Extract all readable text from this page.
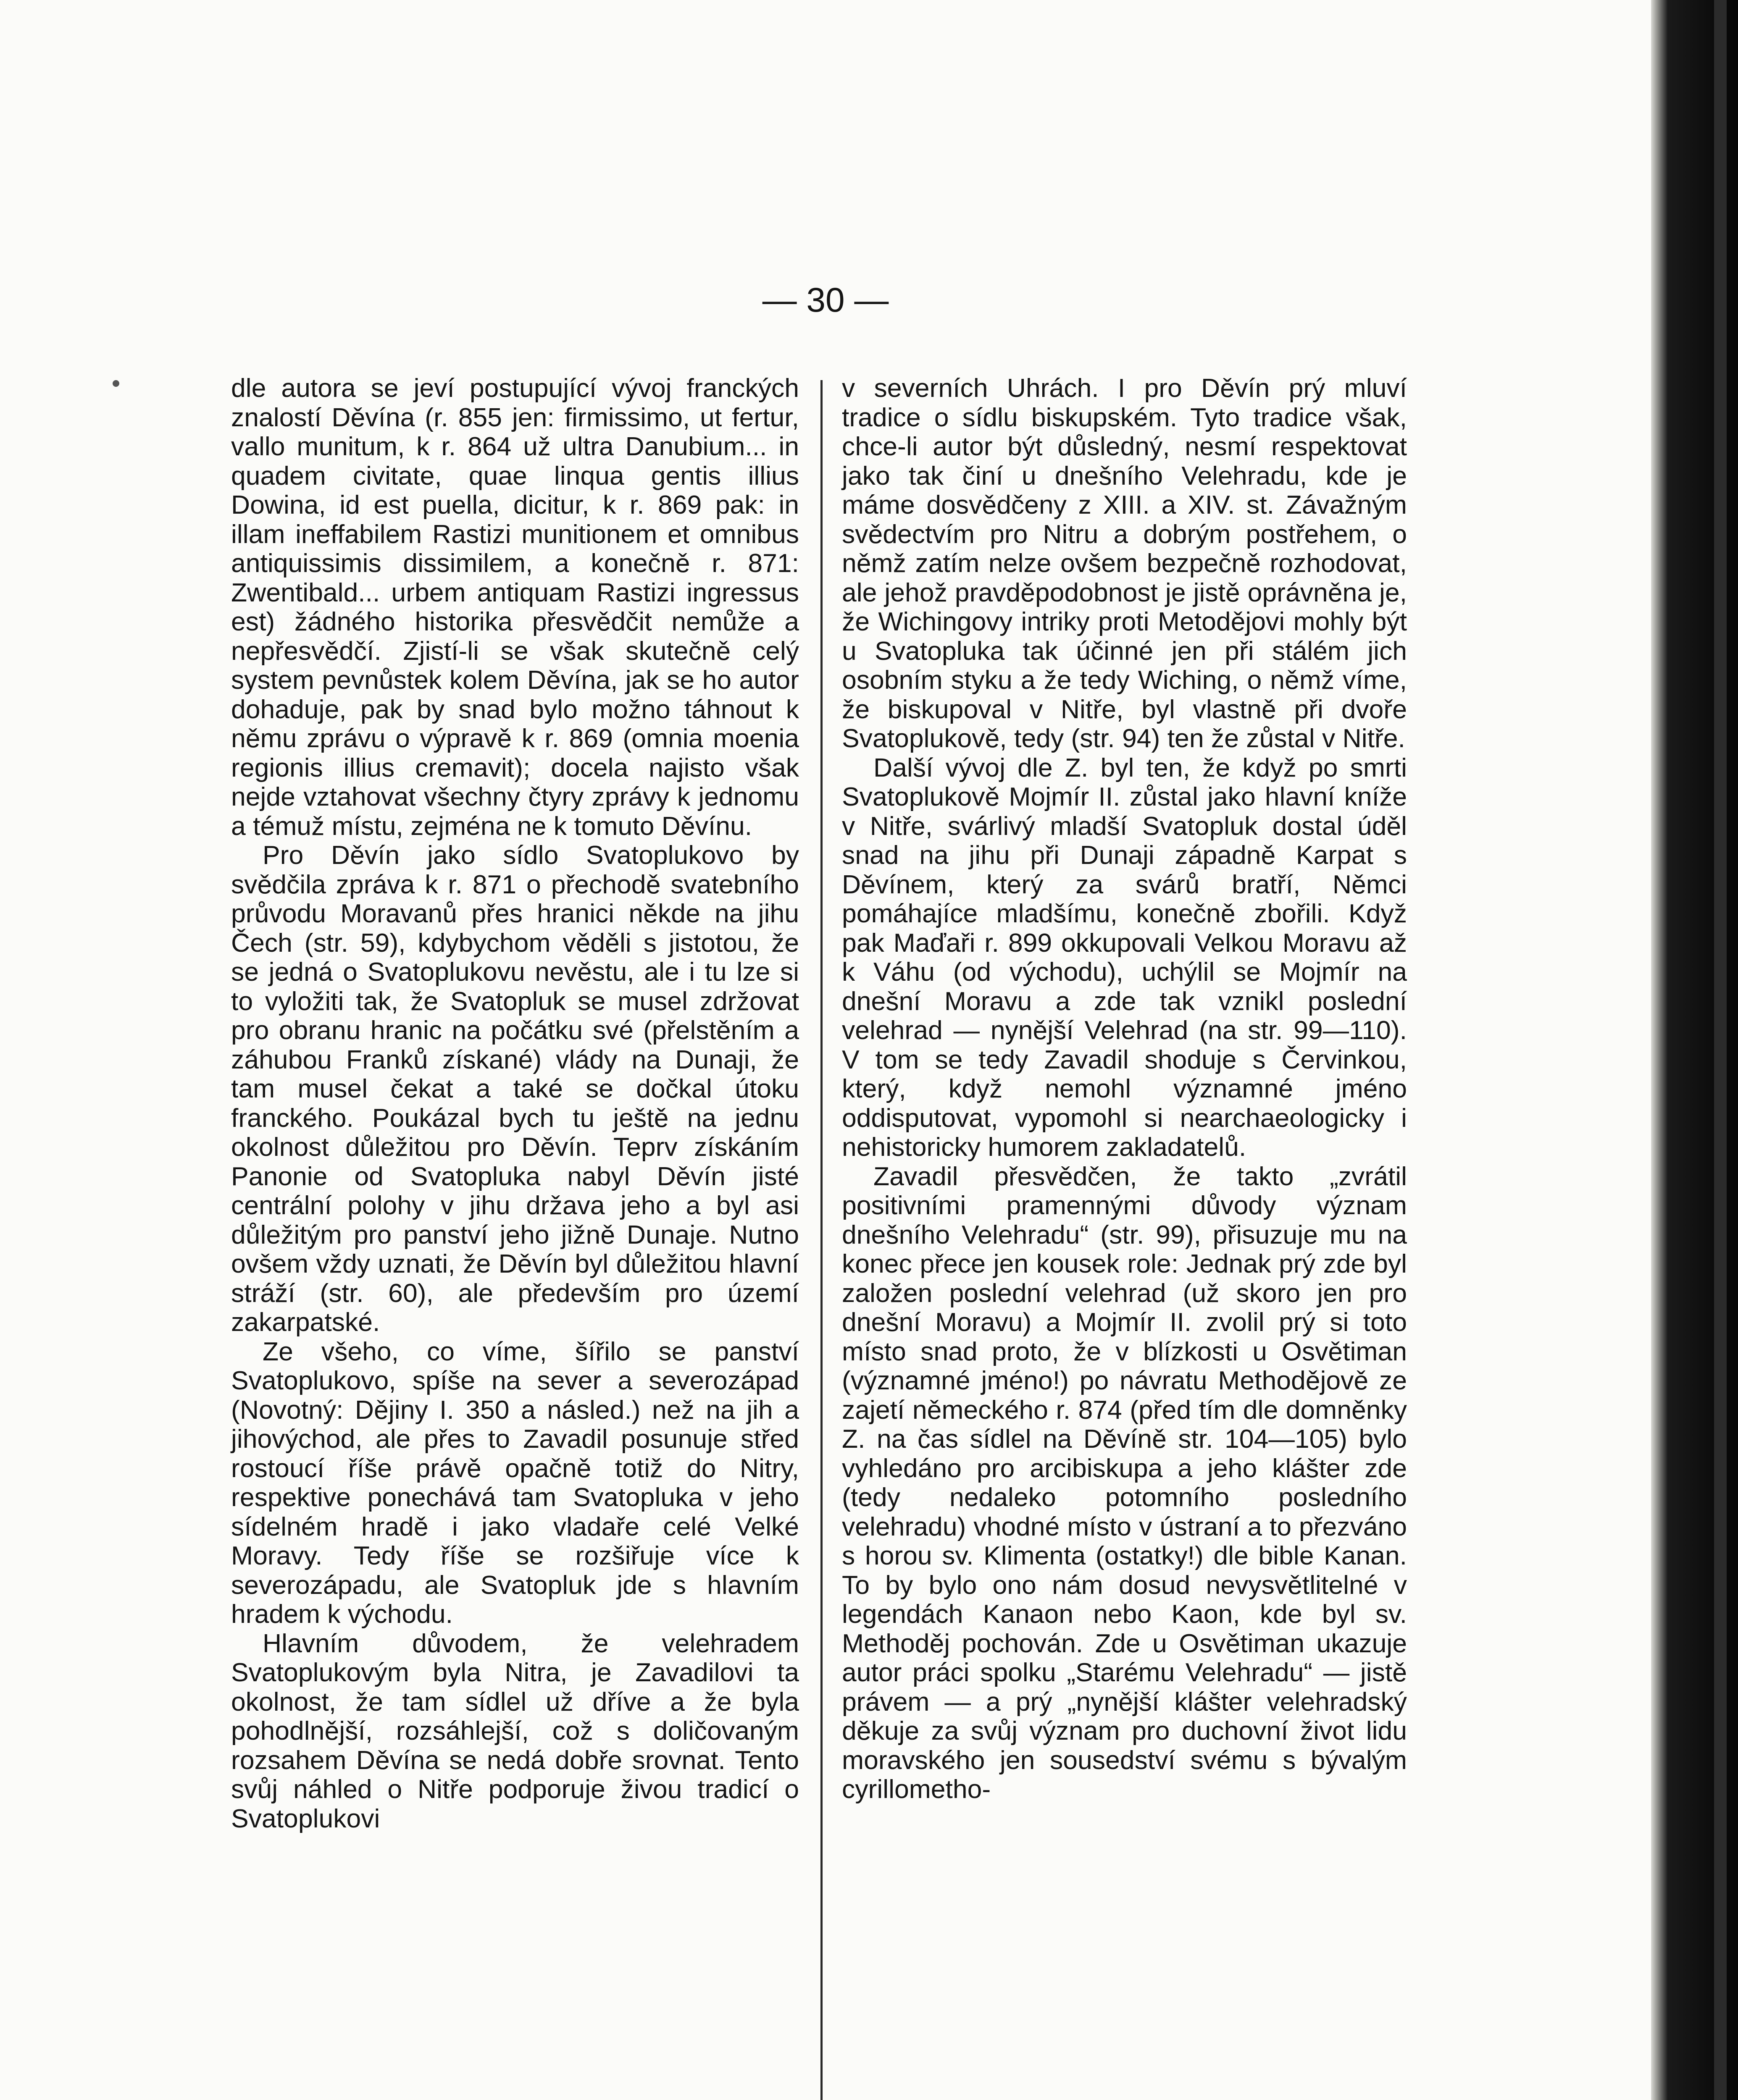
— 30 —

dle autora se jeví postupující vývoj franckých znalostí Děvína (r. 855 jen: firmissimo, ut fertur, vallo munitum, k r. 864 už ultra Danubium... in quadem civitate, quae linqua gentis illius Dowina, id est puella, dicitur, k r. 869 pak: in illam ineffabilem Rastizi munitionem et omnibus antiquissimis dissimilem, a konečně r. 871: Zwentibald... urbem antiquam Rastizi ingressus est) žádného historika přesvědčit nemůže a nepřesvědčí. Zjistí-li se však skutečně celý system pevnůstek kolem Děvína, jak se ho autor dohaduje, pak by snad bylo možno táhnout k němu zprávu o výpravě k r. 869 (omnia moenia regionis illius cremavit); docela najisto však nejde vztahovat všechny čtyry zprávy k jednomu a témuž místu, zejména ne k tomuto Děvínu.

Pro Děvín jako sídlo Svatoplukovo by svědčila zpráva k r. 871 o přechodě svatebního průvodu Moravanů přes hranici někde na jihu Čech (str. 59), kdybychom věděli s jistotou, že se jedná o Svatoplukovu nevěstu, ale i tu lze si to vyložiti tak, že Svatopluk se musel zdržovat pro obranu hranic na počátku své (přelstěním a záhubou Franků získané) vlády na Dunaji, že tam musel čekat a také se dočkal útoku franckého. Poukázal bych tu ještě na jednu okolnost důležitou pro Děvín. Teprv získáním Panonie od Svatopluka nabyl Děvín jisté centrální polohy v jihu država jeho a byl asi důležitým pro panství jeho jižně Dunaje. Nutno ovšem vždy uznati, že Děvín byl důležitou hlavní stráží (str. 60), ale především pro území zakarpatské.

Ze všeho, co víme, šířilo se panství Svatoplukovo, spíše na sever a severozápad (Novotný: Dějiny I. 350 a násled.) než na jih a jihovýchod, ale přes to Zavadil posunuje střed rostoucí říše právě opačně totiž do Nitry, respektive ponechává tam Svatopluka v jeho sídelném hradě i jako vladaře celé Velké Moravy. Tedy říše se rozšiřuje více k severozápadu, ale Svatopluk jde s hlavním hradem k východu.

Hlavním důvodem, že velehradem Svatoplukovým byla Nitra, je Zavadilovi ta okolnost, že tam sídlel už dříve a že byla pohodlnější, rozsáhlejší, což s doličovaným rozsahem Děvína se nedá dobře srovnat. Tento svůj náhled o Nitře podporuje živou tradicí o Svatoplukovi

v severních Uhrách. I pro Děvín prý mluví tradice o sídlu biskupském. Tyto tradice však, chce-li autor být důsledný, nesmí respektovat jako tak činí u dnešního Velehradu, kde je máme dosvědčeny z XIII. a XIV. st. Závažným svědectvím pro Nitru a dobrým postřehem, o němž zatím nelze ovšem bezpečně rozhodovat, ale jehož pravděpodobnost je jistě oprávněna je, že Wichingovy intriky proti Metodějovi mohly být u Svatopluka tak účinné jen při stálém jich osobním styku a že tedy Wiching, o němž víme, že biskupoval v Nitře, byl vlastně při dvoře Svatoplukově, tedy (str. 94) ten že zůstal v Nitře.

Další vývoj dle Z. byl ten, že když po smrti Svatoplukově Mojmír II. zůstal jako hlavní kníže v Nitře, svárlivý mladší Svatopluk dostal úděl snad na jihu při Dunaji západně Karpat s Děvínem, který za svárů bratří, Němci pomáhajíce mladšímu, konečně zbořili. Když pak Maďaři r. 899 okkupovali Velkou Moravu až k Váhu (od východu), uchýlil se Mojmír na dnešní Moravu a zde tak vznikl poslední velehrad — nynější Velehrad (na str. 99—110). V tom se tedy Zavadil shoduje s Červinkou, který, když nemohl významné jméno oddisputovat, vypomohl si nearchaeologicky i nehistoricky humorem zakladatelů.

Zavadil přesvědčen, že takto „zvrátil positivními pramennými důvody význam dnešního Velehradu“ (str. 99), přisuzuje mu na konec přece jen kousek role: Jednak prý zde byl založen poslední velehrad (už skoro jen pro dnešní Moravu) a Mojmír II. zvolil prý si toto místo snad proto, že v blízkosti u Osvětiman (významné jméno!) po návratu Methodějově ze zajetí německého r. 874 (před tím dle domněnky Z. na čas sídlel na Děvíně str. 104—105) bylo vyhledáno pro arcibiskupa a jeho klášter zde (tedy nedaleko potomního posledního velehradu) vhodné místo v ústraní a to přezváno s horou sv. Klimenta (ostatky!) dle bible Kanan. To by bylo ono nám dosud nevysvětlitelné v legendách Kanaon nebo Kaon, kde byl sv. Methoděj pochován. Zde u Osvětiman ukazuje autor práci spolku „Starému Velehradu“ — jistě právem — a prý „nynější klášter velehradský děkuje za svůj význam pro duchovní život lidu moravského jen sousedství svému s bývalým cyrillometho-
